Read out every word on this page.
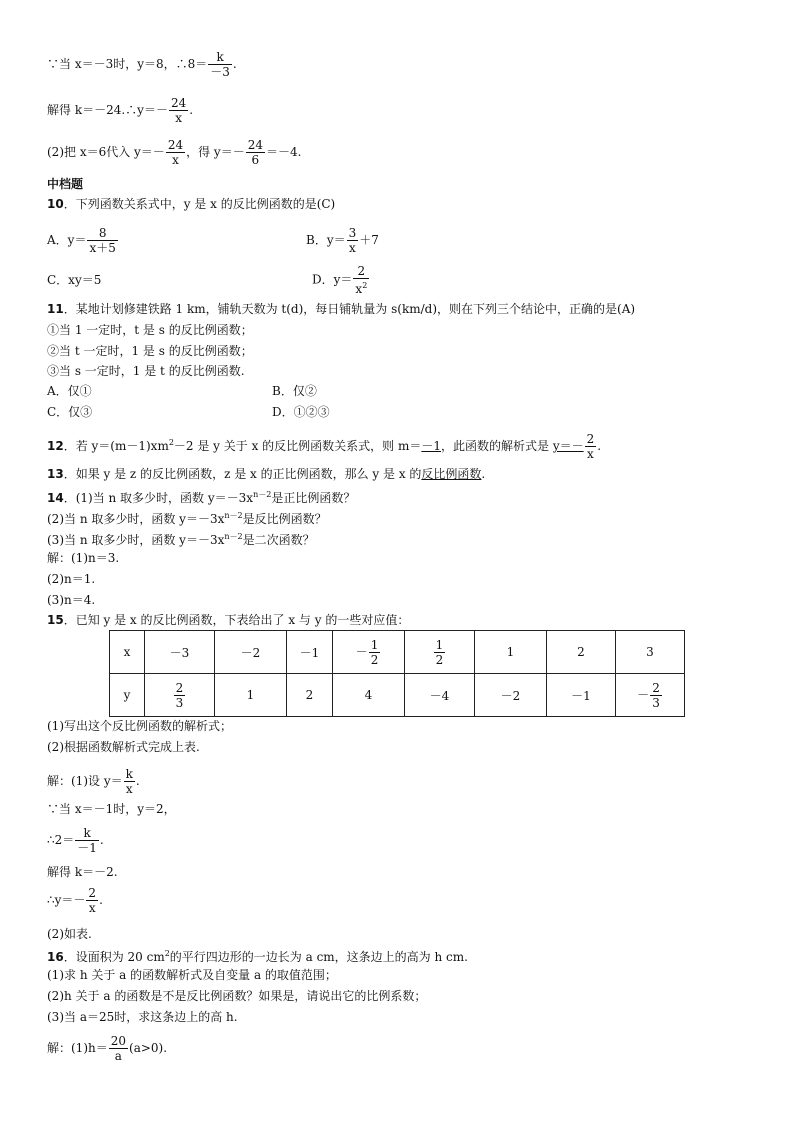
∵当 x＝－3时，y＝8，∴8＝ $\frac{k}{-3}$ .
解得 k＝－24.∴y＝－ $\frac{24}{x}$ .
(2)把 x＝6代入 $y=- \frac{24}{x}$ ，得 $y=- \frac{24}{6} =-4$.
中档题
10．下列函数关系式中，y 是 x 的反比例函数的是(C)
A．$y= \frac{8}{x+5}$	B．$y= \frac{3}{x} +7$
C．xy＝5	D．$y= \frac{2}{x^2}$
11．某地计划修建铁路 1 km，铺轨天数为 t(d)，每日铺轨量为 s(km/d)，则在下列三个结论中，正确的是(A)
①当 1 一定时，t 是 s 的反比例函数；
②当 t 一定时，1 是 s 的反比例函数；
③当 s 一定时，1 是 t 的反比例函数.
A．仅①	B．仅②
C．仅③	D．①②③
12．若 $y=(m-1)xm^2-2$ 是 y 关于 x 的反比例函数关系式，则 m＝－1，此函数的解析式是 $y=- \frac{2}{x}$ .
13．如果 y 是 z 的反比例函数，z 是 x 的正比例函数，那么 y 是 x 的反比例函数.
14．(1)当 n 取多少时，函数 $y=-3x^{n-2}$是正比例函数？
(2)当 n 取多少时，函数 $y=-3x^{n-2}$是反比例函数？
(3)当 n 取多少时，函数 $y=-3x^{n-2}$是二次函数？
解：(1)n＝3.
(2)n＝1.
(3)n＝4.
15．已知 y 是 x 的反比例函数，下表给出了 x 与 y 的一些对应值：
x	－3	－2	－1	－ $\frac{1}{2}$	$\frac{1}{2}$	1	2	3
y	$\frac{2}{3}$	1	2	4	－4	－2	－1	－ $\frac{2}{3}$
(1)写出这个反比例函数的解析式；
(2)根据函数解析式完成上表.
解：(1)设 $y= \frac{k}{x}$ .
∵当 x＝－1时，y＝2，
∴2＝ $\frac{k}{-1}$ .
解得 k＝－2.
∴y＝－ $\frac{2}{x}$ .
(2)如表.
16．设面积为 20 $cm^2$的平行四边形的一边长为 a cm，这条边上的高为 h cm.
(1)求 h 关于 a 的函数解析式及自变量 a 的取值范围；
(2)h 关于 a 的函数是不是反比例函数？如果是，请说出它的比例系数；
(3)当 a＝25时，求这条边上的高 h.
解：$(1)h= \frac{20}{a} (a>0)$.
